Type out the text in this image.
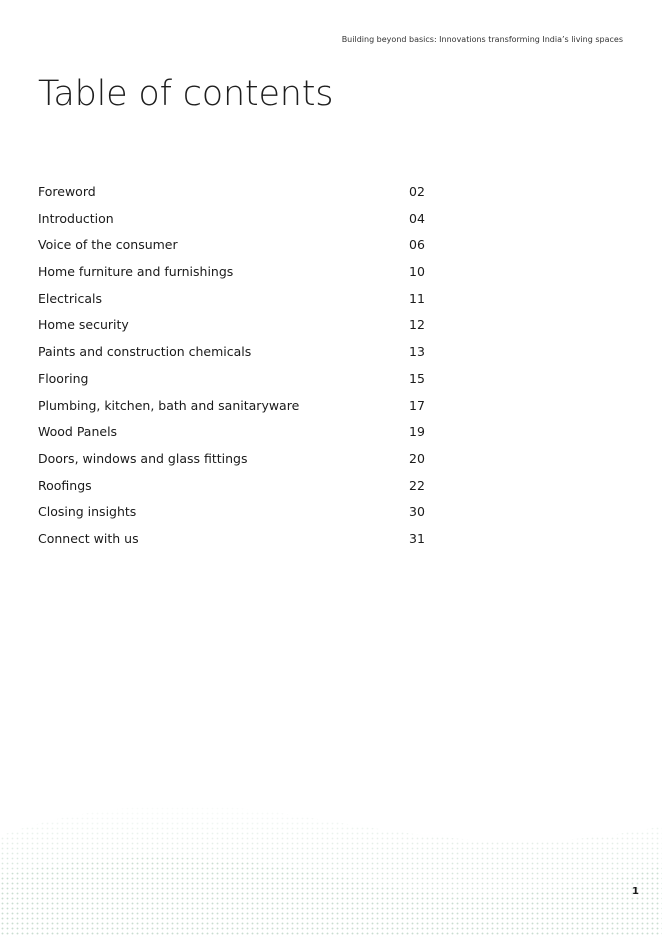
Building beyond basics: Innovations transforming India’s living spaces
Table of contents
Foreword	02
Introduction	04
Voice of the consumer	06
Home furniture and furnishings	10
Electricals	11
Home security	12
Paints and construction chemicals	13
Flooring	15
Plumbing, kitchen, bath and sanitaryware	17
Wood Panels	19
Doors, windows and glass fittings	20
Roofings	22
Closing insights	30
Connect with us	31
1
